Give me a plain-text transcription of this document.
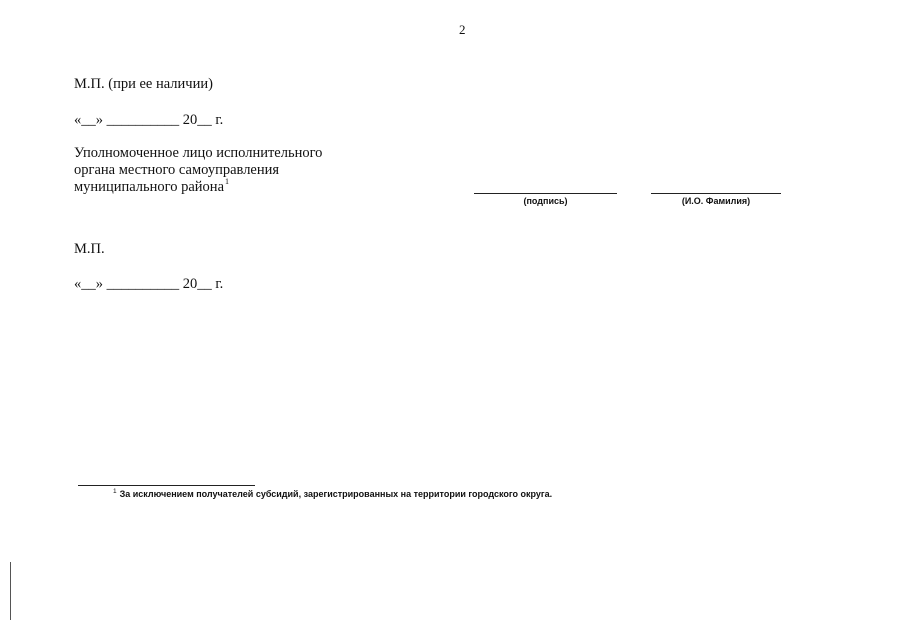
2
М.П. (при ее наличии)
«__» __________ 20__ г.
Уполномоченное лицо исполнительного
органа местного самоуправления
муниципального района$^1$
(подпись)	(И.О. Фамилия)
М.П.
«__» __________ 20__ г.
$^1$ За исключением получателей субсидий, зарегистрированных на территории городского округа.
